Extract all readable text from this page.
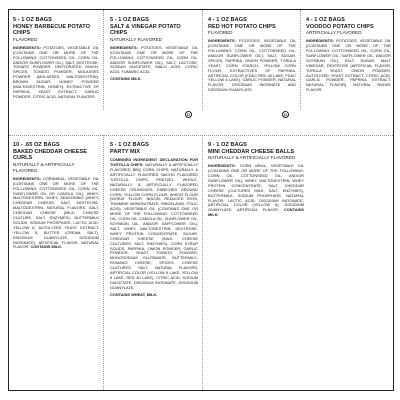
5 - 1 OZ BAGS
HONEY BARBECUE POTATO CHIPS
FLAVORED
INGREDIENTS: POTATOES, VEGETABLE OIL (CONTAINS ONE OR MORE OF THE FOLLOWING: COTTONSEED OIL, CORN OIL, AND/OR SUNFLOWER OIL), SALT, DEXTROSE, TOMATO POWDER, DEHYDRATED ONION, SPICES, TOMATO POWDER, MOLASSES POWDER (MOLASSES, MALTODEXTRIN), BROWN SUGAR, HONEY POWDER (MALTODEXTRIN, HONEY), EXTRACTIVE OF PAPRIKA, YEAST EXTRACT, GARLIC POWDER, CITRIC ACID, NATURAL FLAVORS.
5 - 1 OZ BAGS
SALT & VINEGAR POTATO CHIPS
NATURALLY FLAVORED
INGREDIENTS: POTATOES, VEGETABLE OIL (CONTAINS ONE OR MORE OF THE FOLLOWING: COTTONSEED OIL, CORN OIL, AND/OR SUNFLOWER OIL), SALT, LACTOSE, SODIUM DIACETATE, MALIC ACID, CITRIC ACID, FUMARIC ACID.
CONTAINS MILK.
D
4 - 1 OZ BAGS
RED HOT POTATO CHIPS
FLAVORED
INGREDIENTS: POTATOES, VEGETABLE OIL (CONTAINS ONE OR MORE OF THE FOLLOWING: CORN OIL, COTTONSEED OIL, AND/OR SUNFLOWER OIL), SALT, SUGAR, SPICES, PAPRIKA, ONION POWDER, TORULA YEAST, CORN STARCH, YELLOW CORN FLOUR, EXTRACTIVES OF PAPRIKA, ARTIFICIAL COLOR (FD&C RED 40 LAKE, FD&C YELLOW 6 LAKE), GARLIC POWDER, NATURAL FLAVOR, DISODIUM INOSINATE AND DISODIUM GUANYLATE.
D
4 - 1 OZ BAGS
VOODOO POTATO CHIPS
ARTIFICIALLY FLAVORED
INGREDIENTS: POTATOES, VEGETABLE OIL (CONTAINS ONE OR MORE OF THE FOLLOWING: COTTONSEED OIL, CORN OIL, SUNFLOWER OIL, SAFFLOWER OIL, AND/OR SOYBEAN OIL), SALT, SUGAR, MALT VINEGAR, DEXTROSE (ARTIFICIAL FLAVOR, TORULA YEAST, ONION POWDER, AUTOLYZED YEAST EXTRACT, CITRIC ACID, GARLIC POWDER, PAPRIKA EXTRACT, NATURAL FLAVOR), NATURAL SMOKE FLAVOR.
10 - .65 OZ BAGS
BAKED CHEDDAR CHEESE CURLS
NATURALLY & ARTIFICIALLY FLAVORED
INGREDIENTS: CORNMEAL, VEGETABLE OIL (CONTAINS ONE OR MORE OF THE FOLLOWING: COTTONSEED OIL, CORN OIL, SUNFLOWER OIL OR CANOLA OIL), WHEY, MALTODEXTRIN, WHEY, SEASONING (WHEY, CHEDDAR CHEESE, SALT, DEXTROSE, MALTODEXTRIN, NATURAL FLAVORS, SALT, CHEDDAR CHEESE (MILK, CHEESE CULTURE, SALT, ENZYMES), BUTTERMILK SOLIDS, SODIUM PHOSPHATE, LACTIC ACID, YELLOW 6, AUTOLYZED YEAST EXTRACT, YELLOW 5, BUTTER (CREAM, SALT), DISODIUM GUANYLATE, DISODIUM INOSINATE), ARTIFICIAL FLAVOR, NATURAL FLAVOR. CONTAINS MILK.
5 - 1 OZ BAGS
PARTY MIX
COMBINED INGREDIENT DECLARATION FOR TORTILLA CHIPS: NATURALLY & ARTIFICIALLY FLAVORED BBQ CORN CHIPS; NATURALLY & ARTIFICIALLY FLAVORED NACHO FLAVORED TORTILLA CHIPS, PRETZEL, WHOLE, NATURALLY & ARTIFICIALLY FLAVORED CHEESE CRUNCHIES. ENRICHED GROUND CORN, YELLOW CORN FLOUR, WHEAT FLOUR (WHEAT FLOUR, NIACIN, REDUCED IRON, THIAMINE MONONITRATE, RIBOFLAVIN, FOLIC ACID), VEGETABLE OIL (CONTAINS ONE OR MORE OF THE FOLLOWING: COTTONSEED OIL, CORN OIL, CANOLA OIL, SUNFLOWER OIL, SOYBEAN OIL, AND/OR SAFFLOWER OIL), SALT, WHEY, MALTODEXTRIN, DEXTROSE, WHEY PROTEIN CONCENTRATE, SUGAR, CHEDDAR CHEESE (MILK, CHEESE CULTURES, SALT, ENZYMES), CORN SYRUP SOLIDS, PAPRIKA, ONION POWDER, GARLIC POWDER, YEAST, TOMATO POWDER, MONOSODIUM GLUTAMATE, BUTTERMILK, ROMANO CHEESE, SPICES, CHEESE CULTURES, SALT, NATURAL FLAVORS, ARTIFICIAL COLOR (YELLOW 6 LAKE, YELLOW 5 LAKE, RED 40 LAKE), CITRIC ACID, SODIUM DIACETATE, DISODIUM INOSINATE, DISODIUM GUANYLATE.
CONTAINS WHEAT, MILK.
9 - 1 OZ BAGS
MINI CHEDDAR CHEESE BALLS
NATURALLY & ARTIFICIALLY FLAVORED
INGREDIENTS: CORN MEAL, VEGETABLE OIL (CONTAINS ONE OR MORE OF THE FOLLOWING: CORN OIL, COTTONSEED OIL, AND/OR SUNFLOWER OIL), WHEY, MALTODEXTRIN, WHEY PROTEIN CONCENTRATE, SALT, CHEDDAR CHEESE (CULTURED MILK, SALT, ENZYMES), BUTTERMILK, SODIUM PHOSPHATE, NATURAL FLAVOR, LACTIC ACID, DISODIUM INOSINATE, ARTIFICIAL COLOR (YELLOW 6), DISODIUM GUANYLATE, ARTIFICIAL FLAVOR. CONTAINS MILK.
